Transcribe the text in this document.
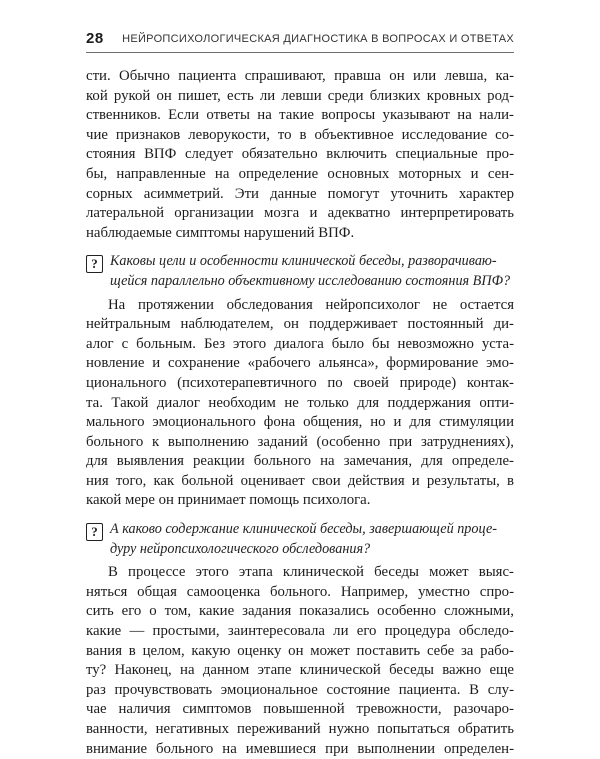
28 НЕЙРОПСИХОЛОГИЧЕСКАЯ ДИАГНОСТИКА В ВОПРОСАХ И ОТВЕТАХ
сти. Обычно пациента спрашивают, правша он или левша, ка-
кой рукой он пишет, есть ли левши среди близких кровных род-
ственников. Если ответы на такие вопросы указывают на нали-
чие признаков леворукости, то в объективное исследование со-
стояния ВПФ следует обязательно включить специальные про-
бы, направленные на определение основных моторных и сен-
сорных асимметрий. Эти данные помогут уточнить характер
латеральной организации мозга и адекватно интерпретировать
наблюдаемые симптомы нарушений ВПФ.
? Каковы цели и особенности клинической беседы, разворачиваю-
щейся параллельно объективному исследованию состояния ВПФ?
На протяжении обследования нейропсихолог не остается
нейтральным наблюдателем, он поддерживает постоянный ди-
алог с больным. Без этого диалога было бы невозможно уста-
новление и сохранение «рабочего альянса», формирование эмо-
ционального (психотерапевтичного по своей природе) контак-
та. Такой диалог необходим не только для поддержания опти-
мального эмоционального фона общения, но и для стимуляции
больного к выполнению заданий (особенно при затруднениях),
для выявления реакции больного на замечания, для определе-
ния того, как больной оценивает свои действия и результаты, в
какой мере он принимает помощь психолога.
? А каково содержание клинической беседы, завершающей проце-
дуру нейропсихологического обследования?
В процессе этого этапа клинической беседы может выяс-
няться общая самооценка больного. Например, уместно спро-
сить его о том, какие задания показались особенно сложными,
какие — простыми, заинтересовала ли его процедура обследо-
вания в целом, какую оценку он может поставить себе за рабо-
ту? Наконец, на данном этапе клинической беседы важно еще
раз прочувствовать эмоциональное состояние пациента. В слу-
чае наличия симптомов повышенной тревожности, разочаро-
ванности, негативных переживаний нужно попытаться обратить
внимание больного на имевшиеся при выполнении определен-
